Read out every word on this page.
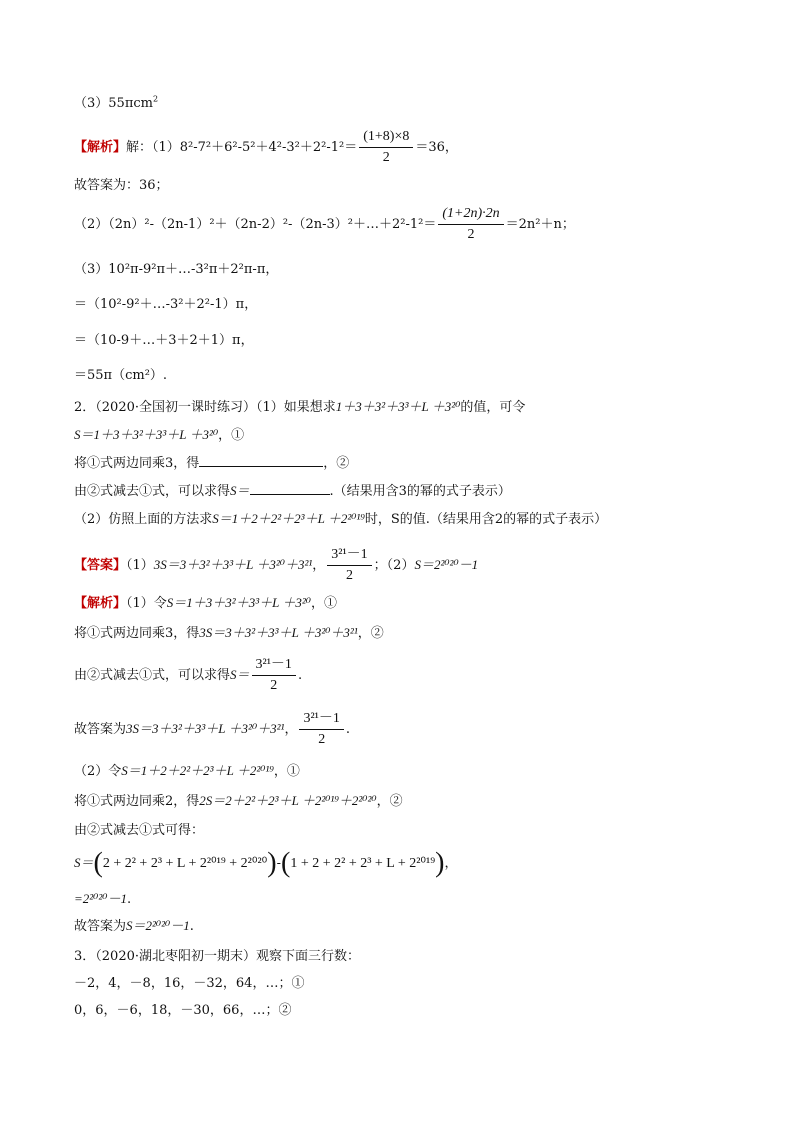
（3）55πcm$^2$
【解析】解：$(1)8^2-7^2+6^2-5^2+4^2-3^2+2^2-1^2= \frac{(1+8)\times 8}{2} =36$，
故答案为：36；
（2）（2n）²-（2n-1）²＋（2n-2）²-（2n-3）²＋…＋2²-1²＝ $\frac{(1+2n)\cdot 2n}{2} =2n^2+n$；
（3）10²π-9²π＋…-3²π＋2²π-π，
＝（10²-9²＋…-3²＋2²-1）π，
＝（10-9＋…＋3＋2＋1）π，
＝55π（cm²）.
2．（2020·全国初一课时练习）（1）如果想求1＋3＋3²＋3³＋L ＋3²⁰的值，可令
S＝1＋3＋3²＋3³＋L ＋3²⁰，①
将①式两边同乘3，得	，②
由②式减去①式，可以求得S＝	.（结果用含3的幂的式子表示）
（2）仿照上面的方法求S＝1＋2＋2²＋2³＋L ＋2²⁰¹⁹时，S的值.（结果用含2的幂的式子表示）
【答案】（1）3S＝3＋3²＋3³＋L ＋3²⁰＋3²¹， $\frac{\text{3²¹－1}}{2}$ ；（2）S＝2²⁰²⁰－1
【解析】（1）令S＝1＋3＋3²＋3³＋L ＋3²⁰，①
将①式两边同乘3，得3S＝3＋3²＋3³＋L ＋3²⁰＋3²¹，②
由②式减去①式，可以求得$S= \frac{\text{3²¹－1}}{2}$ .
故答案为3S＝3＋3²＋3³＋L ＋3²⁰＋3²¹， $\frac{\text{3²¹－1}}{2}$ .
（2）令S＝1＋2＋2²＋2³＋L ＋2²⁰¹⁹，①
将①式两边同乘2，得2S＝2＋2²＋2³＋L ＋2²⁰¹⁹＋2²⁰²⁰，②
由②式减去①式可得：
S＝(2 + 2² + 2³ + L + 2²⁰¹⁹ + 2²⁰²⁰)-(1 + 2 + 2² + 2³ + L + 2²⁰¹⁹)，
=2²⁰²⁰－1.
故答案为S＝2²⁰²⁰－1.
3．（2020·湖北枣阳初一期末）观察下面三行数：
－2，4，－8，16，－32，64，…；①
0，6，－6，18，－30，66，…；②
